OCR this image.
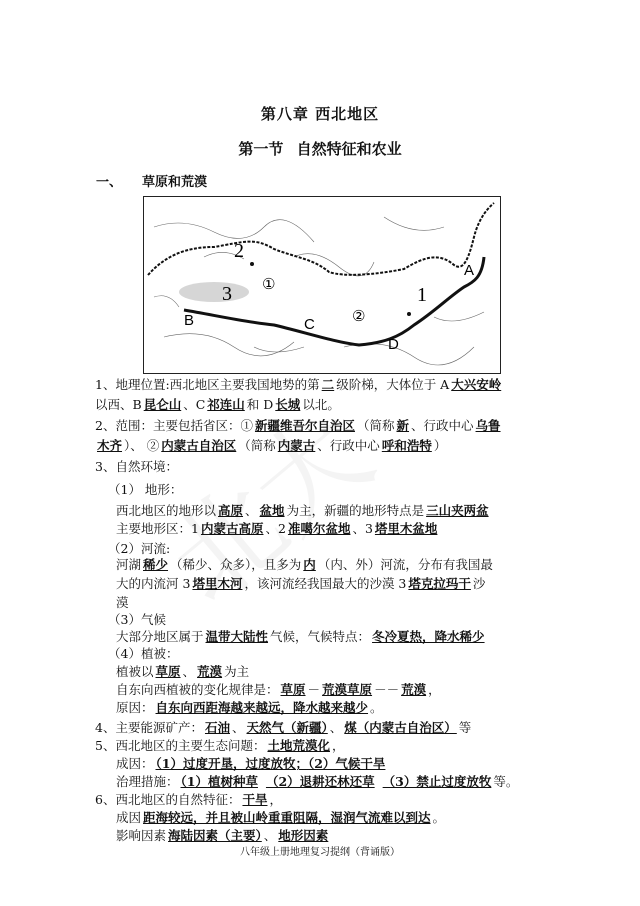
第八章 西北地区
第一节 自然特征和农业
一、 草原和荒漠
2
3 ①
②
1
A
B	C
D
1、地理位置:西北地区主要我国地势的第 二 级阶梯，大体位于 A 大兴安岭
以西、B 昆仑山 、C 祁连山 和 D 长城 以北。
2、范围：主要包括省区：① 新疆维吾尔自治区 （简称 新 、行政中心 乌鲁
木齐 ）、 ② 内蒙古自治区 （简称 内蒙古 、行政中心 呼和浩特 ）
3、自然环境：
（1） 地形：
西北地区的地形以 高原 、 盆地 为主，新疆的地形特点是 三山夹两盆
主要地形区：1 内蒙古高原 、2 准噶尔盆地 、3 塔里木盆地
（2）河流:
河湖 稀少 （稀少、众多），且多为 内 （内、外）河流，分布有我国最
大的内流河 3 塔里木河 ，该河流经我国最大的沙漠 3 塔克拉玛干 沙
漠
（3）气候
大部分地区属于 温带大陆性 气候，气候特点： 冬冷夏热，降水稀少
（4）植被：
植被以 草原 、 荒漠 为主
自东向西植被的变化规律是： 草原 － 荒漠草原 －－ 荒漠 ，
原因： 自东向西距海越来越远，降水越来越少 。
4、主要能源矿产： 石油 、 天然气（新疆） 、 煤（内蒙古自治区） 等
5、西北地区的主要生态问题： 土地荒漠化 ，
成因： （1）过度开垦，过度放牧；（2）气候干旱
治理措施： （1）植树种草 （2）退耕还林还草 （3）禁止过度放牧 等。
6、西北地区的自然特征： 干旱 ，
成因 距海较远，并且被山岭重重阻隔，湿润气流难以到达 。
影响因素 海陆因素（主要） 、 地形因素
八年级上册地理复习提纲（背诵版）
